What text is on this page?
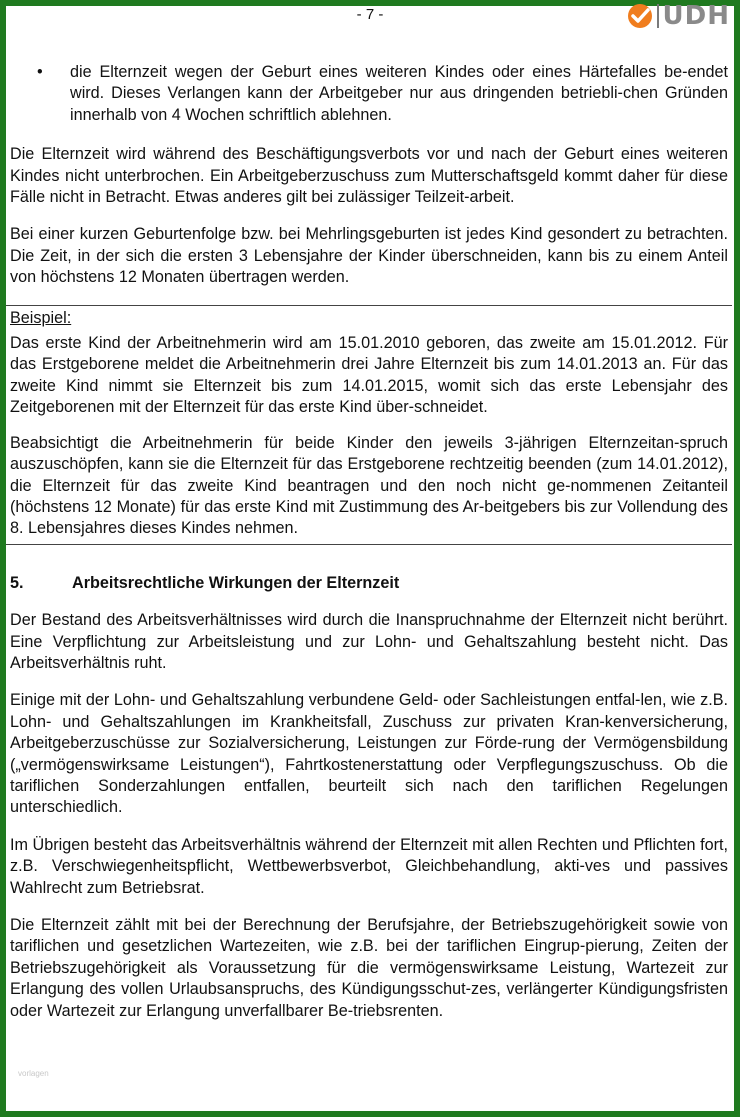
- 7 -	UDH
•	die Elternzeit wegen der Geburt eines weiteren Kindes oder eines Härtefalles be-endet wird. Dieses Verlangen kann der Arbeitgeber nur aus dringenden betriebli-chen Gründen innerhalb von 4 Wochen schriftlich ablehnen.

Die Elternzeit wird während des Beschäftigungsverbots vor und nach der Geburt eines weiteren Kindes nicht unterbrochen. Ein Arbeitgeberzuschuss zum Mutterschaftsgeld kommt daher für diese Fälle nicht in Betracht. Etwas anderes gilt bei zulässiger Teilzeit-arbeit.

Bei einer kurzen Geburtenfolge bzw. bei Mehrlingsgeburten ist jedes Kind gesondert zu betrachten. Die Zeit, in der sich die ersten 3 Lebensjahre der Kinder überschneiden, kann bis zu einem Anteil von höchstens 12 Monaten übertragen werden.

Beispiel:

Das erste Kind der Arbeitnehmerin wird am 15.01.2010 geboren, das zweite am 15.01.2012. Für das Erstgeborene meldet die Arbeitnehmerin drei Jahre Elternzeit bis zum 14.01.2013 an. Für das zweite Kind nimmt sie Elternzeit bis zum 14.01.2015, womit sich das erste Lebensjahr des Zeitgeborenen mit der Elternzeit für das erste Kind über-schneidet.

Beabsichtigt die Arbeitnehmerin für beide Kinder den jeweils 3-jährigen Elternzeitan-spruch auszuschöpfen, kann sie die Elternzeit für das Erstgeborene rechtzeitig beenden (zum 14.01.2012), die Elternzeit für das zweite Kind beantragen und den noch nicht ge-nommenen Zeitanteil (höchstens 12 Monate) für das erste Kind mit Zustimmung des Ar-beitgebers bis zur Vollendung des 8. Lebensjahres dieses Kindes nehmen.

5.	Arbeitsrechtliche Wirkungen der Elternzeit

Der Bestand des Arbeitsverhältnisses wird durch die Inanspruchnahme der Elternzeit nicht berührt. Eine Verpflichtung zur Arbeitsleistung und zur Lohn- und Gehaltszahlung besteht nicht. Das Arbeitsverhältnis ruht.

Einige mit der Lohn- und Gehaltszahlung verbundene Geld- oder Sachleistungen entfal-len, wie z.B. Lohn- und Gehaltszahlungen im Krankheitsfall, Zuschuss zur privaten Kran-kenversicherung, Arbeitgeberzuschüsse zur Sozialversicherung, Leistungen zur Förde-rung der Vermögensbildung („vermögenswirksame Leistungen“), Fahrtkostenerstattung oder Verpflegungszuschuss. Ob die tariflichen Sonderzahlungen entfallen, beurteilt sich nach den tariflichen Regelungen unterschiedlich.

Im Übrigen besteht das Arbeitsverhältnis während der Elternzeit mit allen Rechten und Pflichten fort, z.B. Verschwiegenheitspflicht, Wettbewerbsverbot, Gleichbehandlung, akti-ves und passives Wahlrecht zum Betriebsrat.

Die Elternzeit zählt mit bei der Berechnung der Berufsjahre, der Betriebszugehörigkeit sowie von tariflichen und gesetzlichen Wartezeiten, wie z.B. bei der tariflichen Eingrup-pierung, Zeiten der Betriebszugehörigkeit als Voraussetzung für die vermögenswirksame Leistung, Wartezeit zur Erlangung des vollen Urlaubsanspruchs, des Kündigungsschut-zes, verlängerter Kündigungsfristen oder Wartezeit zur Erlangung unverfallbarer Be-triebsrenten.

vorlagen
